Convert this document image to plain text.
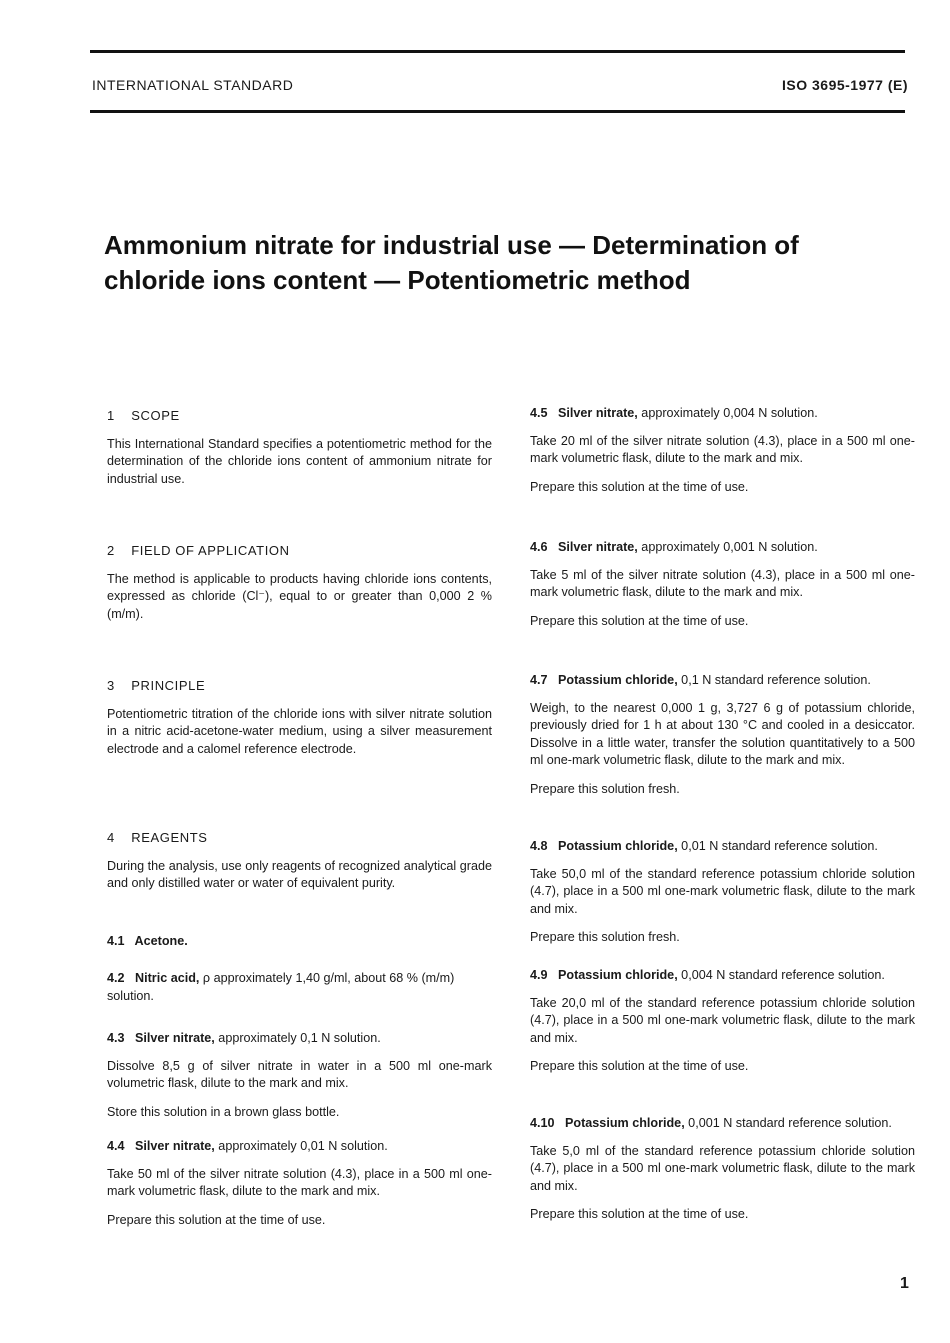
INTERNATIONAL STANDARD	ISO 3695-1977 (E)
Ammonium nitrate for industrial use — Determination of
chloride ions content — Potentiometric method
1 SCOPE

This International Standard specifies a potentiometric method for the determination of the chloride ions content of ammonium nitrate for industrial use.

2 FIELD OF APPLICATION

The method is applicable to products having chloride ions contents, expressed as chloride (Cl⁻), equal to or greater than 0,000 2 % (m/m).

3 PRINCIPLE

Potentiometric titration of the chloride ions with silver nitrate solution in a nitric acid-acetone-water medium, using a silver measurement electrode and a calomel reference electrode.

4 REAGENTS

During the analysis, use only reagents of recognized analytical grade and only distilled water or water of equivalent purity.

4.1 Acetone.
4.2 Nitric acid, ρ approximately 1,40 g/ml, about 68 % (m/m) solution.
4.3 Silver nitrate, approximately 0,1 N solution.

Dissolve 8,5 g of silver nitrate in water in a 500 ml one-mark volumetric flask, dilute to the mark and mix.

Store this solution in a brown glass bottle.

4.4 Silver nitrate, approximately 0,01 N solution.

Take 50 ml of the silver nitrate solution (4.3), place in a 500 ml one-mark volumetric flask, dilute to the mark and mix.

Prepare this solution at the time of use.

4.5 Silver nitrate, approximately 0,004 N solution.

Take 20 ml of the silver nitrate solution (4.3), place in a 500 ml one-mark volumetric flask, dilute to the mark and mix.

Prepare this solution at the time of use.

4.6 Silver nitrate, approximately 0,001 N solution.

Take 5 ml of the silver nitrate solution (4.3), place in a 500 ml one-mark volumetric flask, dilute to the mark and mix.

Prepare this solution at the time of use.

4.7 Potassium chloride, 0,1 N standard reference solution.

Weigh, to the nearest 0,000 1 g, 3,727 6 g of potassium chloride, previously dried for 1 h at about 130 °C and cooled in a desiccator. Dissolve in a little water, transfer the solution quantitatively to a 500 ml one-mark volumetric flask, dilute to the mark and mix.

Prepare this solution fresh.

4.8 Potassium chloride, 0,01 N standard reference solution.

Take 50,0 ml of the standard reference potassium chloride solution (4.7), place in a 500 ml one-mark volumetric flask, dilute to the mark and mix.

Prepare this solution fresh.

4.9 Potassium chloride, 0,004 N standard reference solution.

Take 20,0 ml of the standard reference potassium chloride solution (4.7), place in a 500 ml one-mark volumetric flask, dilute to the mark and mix.

Prepare this solution at the time of use.

4.10 Potassium chloride, 0,001 N standard reference solution.

Take 5,0 ml of the standard reference potassium chloride solution (4.7), place in a 500 ml one-mark volumetric flask, dilute to the mark and mix.

Prepare this solution at the time of use.

1
